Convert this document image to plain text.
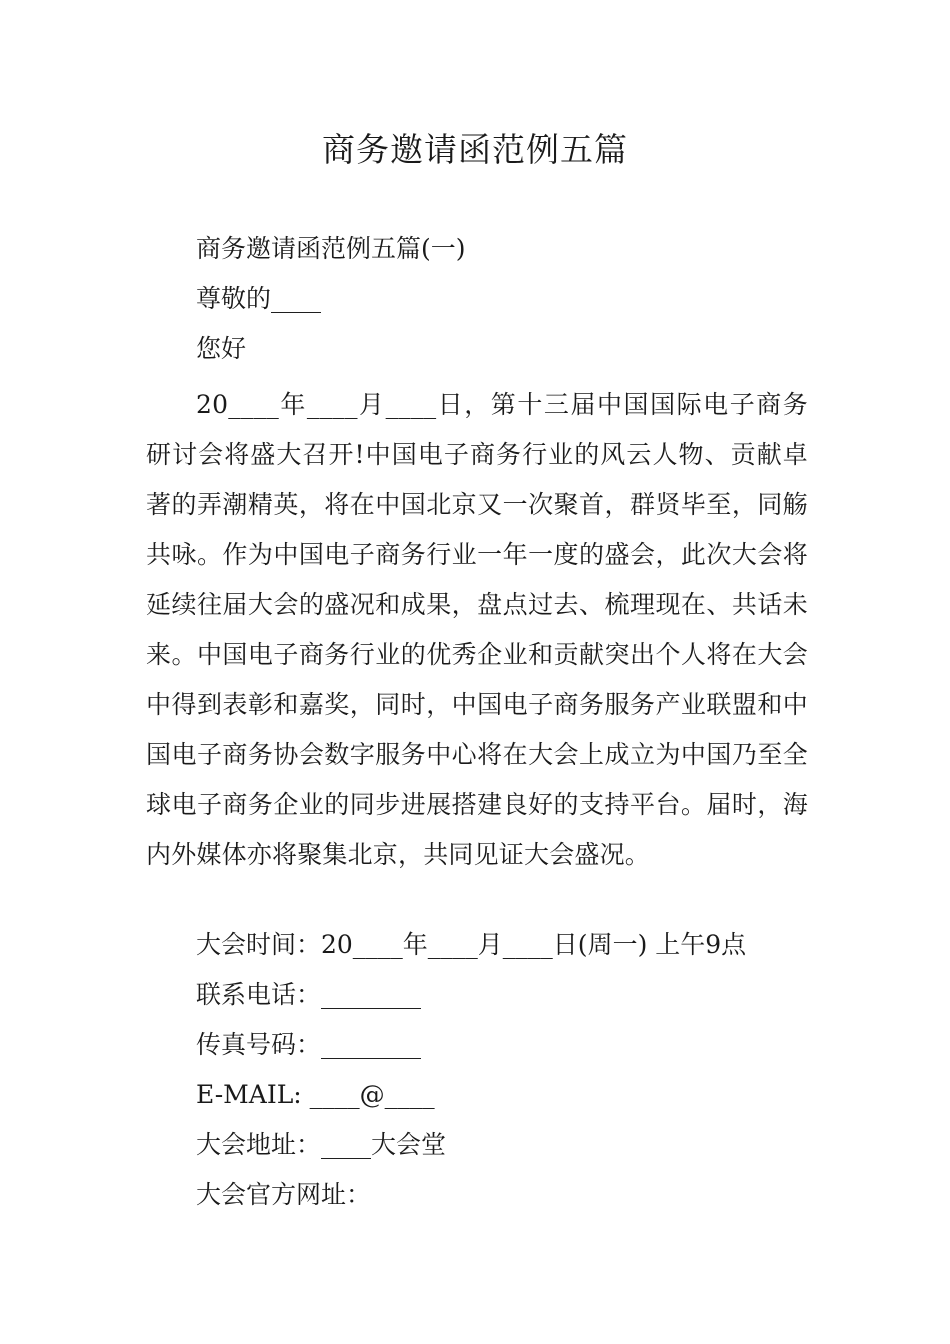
商务邀请函范例五篇

商务邀请函范例五篇(一)

尊敬的____

您好

20____年____月____日，第十三届中国国际电子商务研讨会将盛大召开!中国电子商务行业的风云人物、贡献卓著的弄潮精英，将在中国北京又一次聚首，群贤毕至，同觞共咏。作为中国电子商务行业一年一度的盛会，此次大会将延续往届大会的盛况和成果，盘点过去、梳理现在、共话未来。中国电子商务行业的优秀企业和贡献突出个人将在大会中得到表彰和嘉奖，同时，中国电子商务服务产业联盟和中国电子商务协会数字服务中心将在大会上成立为中国乃至全球电子商务企业的同步进展搭建良好的支持平台。届时，海内外媒体亦将聚集北京，共同见证大会盛况。

大会时间：20____年____月____日(周一) 上午9点

联系电话：________

传真号码：________

E-MAIL: ____@____

大会地址：____大会堂

大会官方网址：
